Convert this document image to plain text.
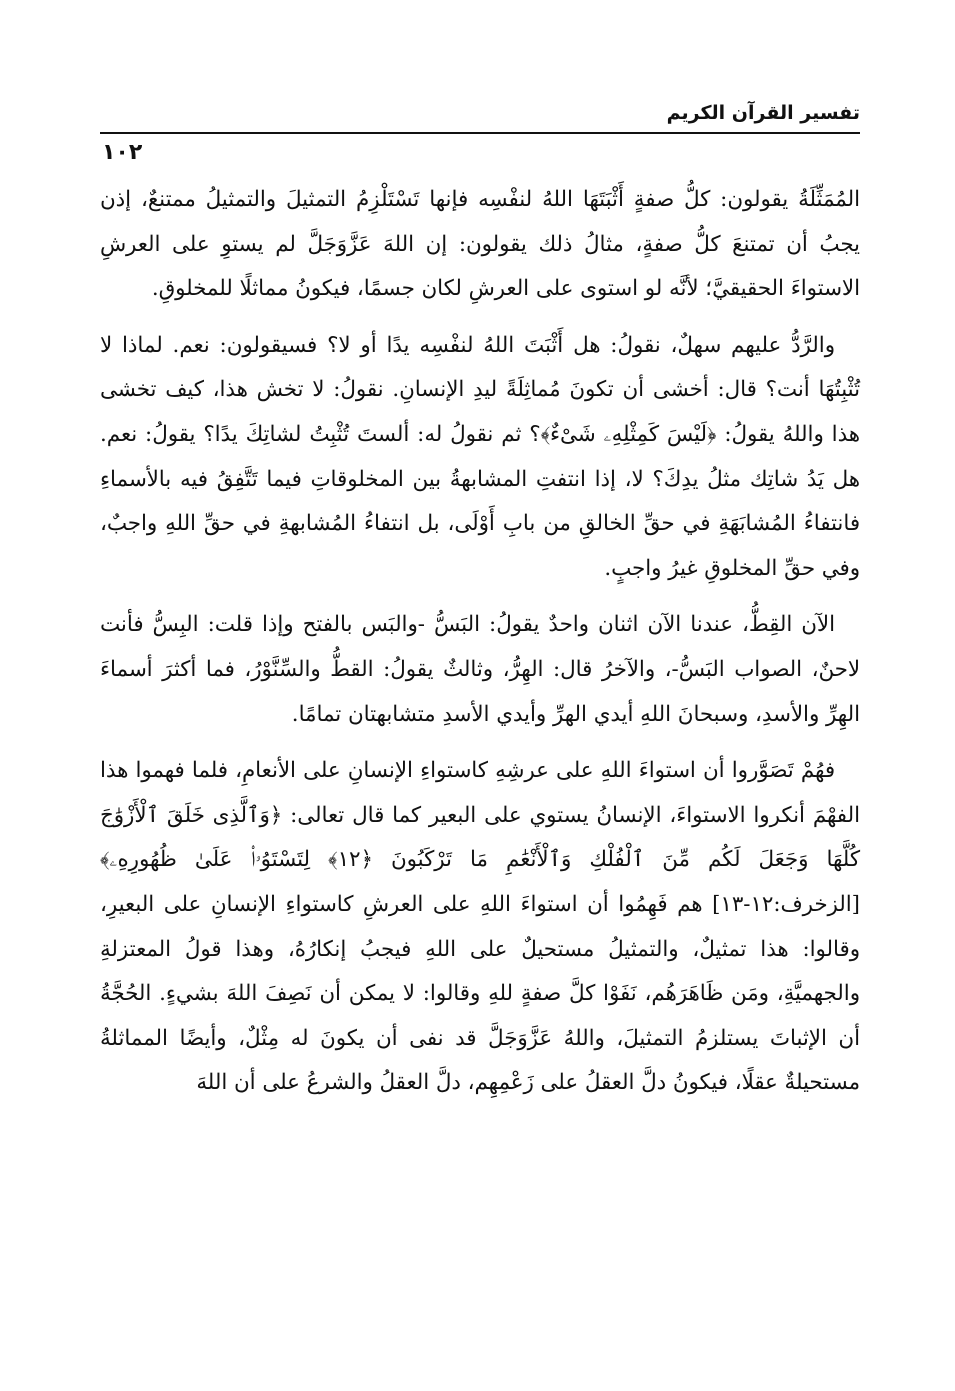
تفسير القرآن الكريم
١٠٢

المُمَثِّلَةُ يقولون: كلُّ صفةٍ أَثْبَتَهَا اللهُ لنفْسِه فإنها تَسْتَلْزِمُ التمثيلَ والتمثيلُ ممتنعٌ، إذن يجبُ أن تمتنعَ كلُّ صفةٍ، مثالُ ذلك يقولون: إن اللهَ عَزَّوَجَلَّ لم يستوِ على العرشِ الاستواءَ الحقيقيَّ؛ لأنَّه لو استوى على العرشِ لكان جسمًا، فيكونُ مماثلًا للمخلوقِ.

والرَّدُّ عليهم سهلٌ، نقولُ: هل أَثْبَتَ اللهُ لنفْسِه يدًا أو لا؟ فسيقولون: نعم. لماذا لا تُثْبِتُهَا أنت؟ قال: أخشى أن تكونَ مُماثِلَةً ليدِ الإنسانِ. نقولُ: لا تخش هذا، كيف تخشى هذا واللهُ يقولُ: ﴿لَيْسَ كَمِثْلِهِۦ شَىْءٌ﴾؟ ثم نقولُ له: ألستَ تُثْبِتُ لشاتِكَ يدًا؟ يقولُ: نعم. هل يَدُ شاتِك مثلُ يدِكَ؟ لا، إذا انتفتِ المشابهةُ بين المخلوقاتِ فيما تَتَّفِقُ فيه بالأسماءِ فانتفاءُ المُشابَهَةِ في حقِّ الخالقِ من بابِ أَوْلَى، بل انتفاءُ المُشابهةِ في حقِّ اللهِ واجبٌ، وفي حقِّ المخلوقِ غيرُ واجبٍ.

الآن القِطُّ، عندنا الآن اثنان واحدٌ يقولُ: البَسُّ -والبَس بالفتح وإذا قلت: البِسُّ فأنت لاحنٌ، الصواب البَسُّ-، والآخرُ قال: الهِرُّ، وثالثٌ يقولُ: القطُّ والسِّنَّوْرُ، فما أكثرَ أسماءَ الهِرِّ والأسدِ، وسبحانَ اللهِ أيدي الهرِّ وأيدي الأسدِ متشابهتان تمامًا.

فهُمْ تَصَوَّروا أن استواءَ اللهِ على عرشِهِ كاستواءِ الإنسانِ على الأنعامِ، فلما فهموا هذا الفهْمَ أنكروا الاستواءَ، الإنسانُ يستوي على البعير كما قال تعالى: ﴿وَٱلَّذِى خَلَقَ ٱلْأَزْوَٰجَ كُلَّهَا وَجَعَلَ لَكُم مِّنَ ٱلْفُلْكِ وَٱلْأَنْعَٰمِ مَا تَرْكَبُونَ ﴿١٢﴾ لِتَسْتَوُۥا۟ عَلَىٰ ظُهُورِهِۦ﴾ [الزخرف:١٢-١٣] هم فَهِمُوا أن استواءَ اللهِ على العرشِ كاستواءِ الإنسانِ على البعيرِ، وقالوا: هذا تمثيلٌ، والتمثيلُ مستحيلٌ على اللهِ فيجبُ إنكارُهُ، وهذا قولُ المعتزلةِ والجهميَّةِ، ومَن ظَاهَرَهُم، نَفَوْا كلَّ صفةٍ للهِ وقالوا: لا يمكن أن نَصِفَ اللهَ بشيءٍ. الحُجَّةُ أن الإثباتَ يستلزمُ التمثيلَ، واللهُ عَزَّوَجَلَّ قد نفى أن يكونَ له مِثْلٌ، وأيضًا المماثلةُ مستحيلةٌ عقلًا، فيكونُ دلَّ العقلُ على زَعْمِهِم، دلَّ العقلُ والشرعُ على أن اللهَ
